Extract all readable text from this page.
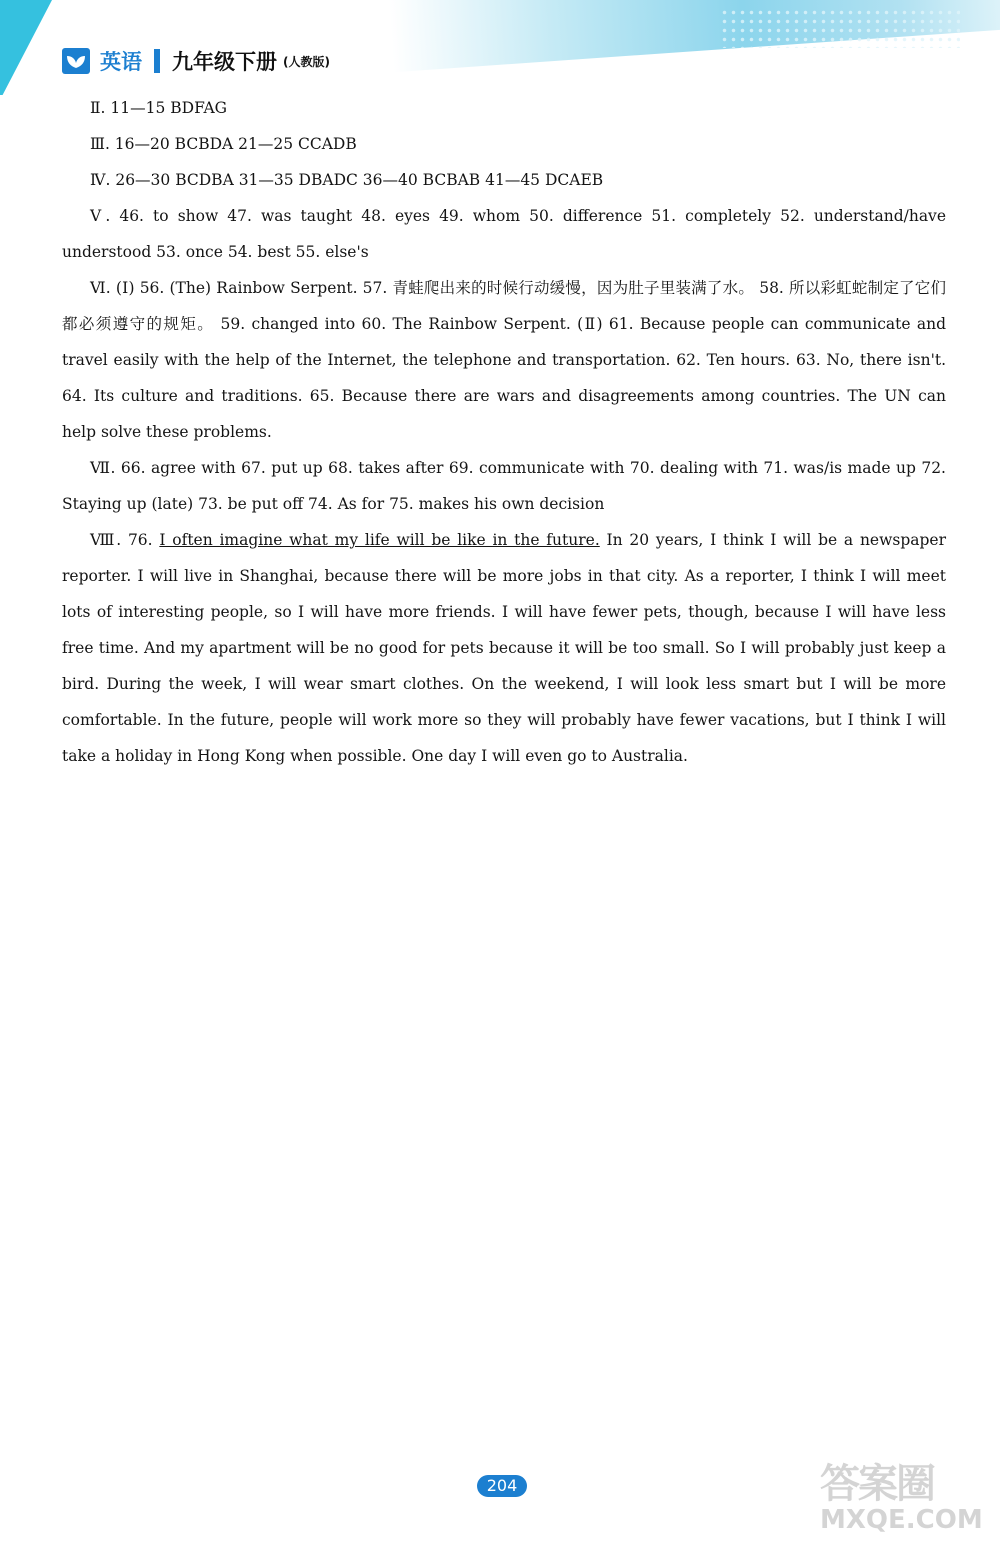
英语 九年级下册 (人教版)

Ⅱ. 11—15 BDFAG

Ⅲ. 16—20 BCBDA 21—25 CCADB

Ⅳ. 26—30 BCDBA 31—35 DBADC 36—40 BCBAB 41—45 DCAEB

Ⅴ. 46. to show 47. was taught 48. eyes 49. whom 50. difference 51. completely 52. understand/have understood 53. once 54. best 55. else's

Ⅵ. (Ⅰ) 56. (The) Rainbow Serpent. 57. 青蛙爬出来的时候行动缓慢，因为肚子里装满了水。 58. 所以彩虹蛇制定了它们都必须遵守的规矩。 59. changed into 60. The Rainbow Serpent. (Ⅱ) 61. Because people can communicate and travel easily with the help of the Internet, the telephone and transportation. 62. Ten hours. 63. No, there isn't. 64. Its culture and traditions. 65. Because there are wars and disagreements among countries. The UN can help solve these problems.

Ⅶ. 66. agree with 67. put up 68. takes after 69. communicate with 70. dealing with 71. was/is made up 72. Staying up (late) 73. be put off 74. As for 75. makes his own decision

Ⅷ. 76. I often imagine what my life will be like in the future. In 20 years, I think I will be a newspaper reporter. I will live in Shanghai, because there will be more jobs in that city. As a reporter, I think I will meet lots of interesting people, so I will have more friends. I will have fewer pets, though, because I will have less free time. And my apartment will be no good for pets because it will be too small. So I will probably just keep a bird. During the week, I will wear smart clothes. On the weekend, I will look less smart but I will be more comfortable. In the future, people will work more so they will probably have fewer vacations, but I think I will take a holiday in Hong Kong when possible. One day I will even go to Australia.

204	答案圈
MXQE.COM
